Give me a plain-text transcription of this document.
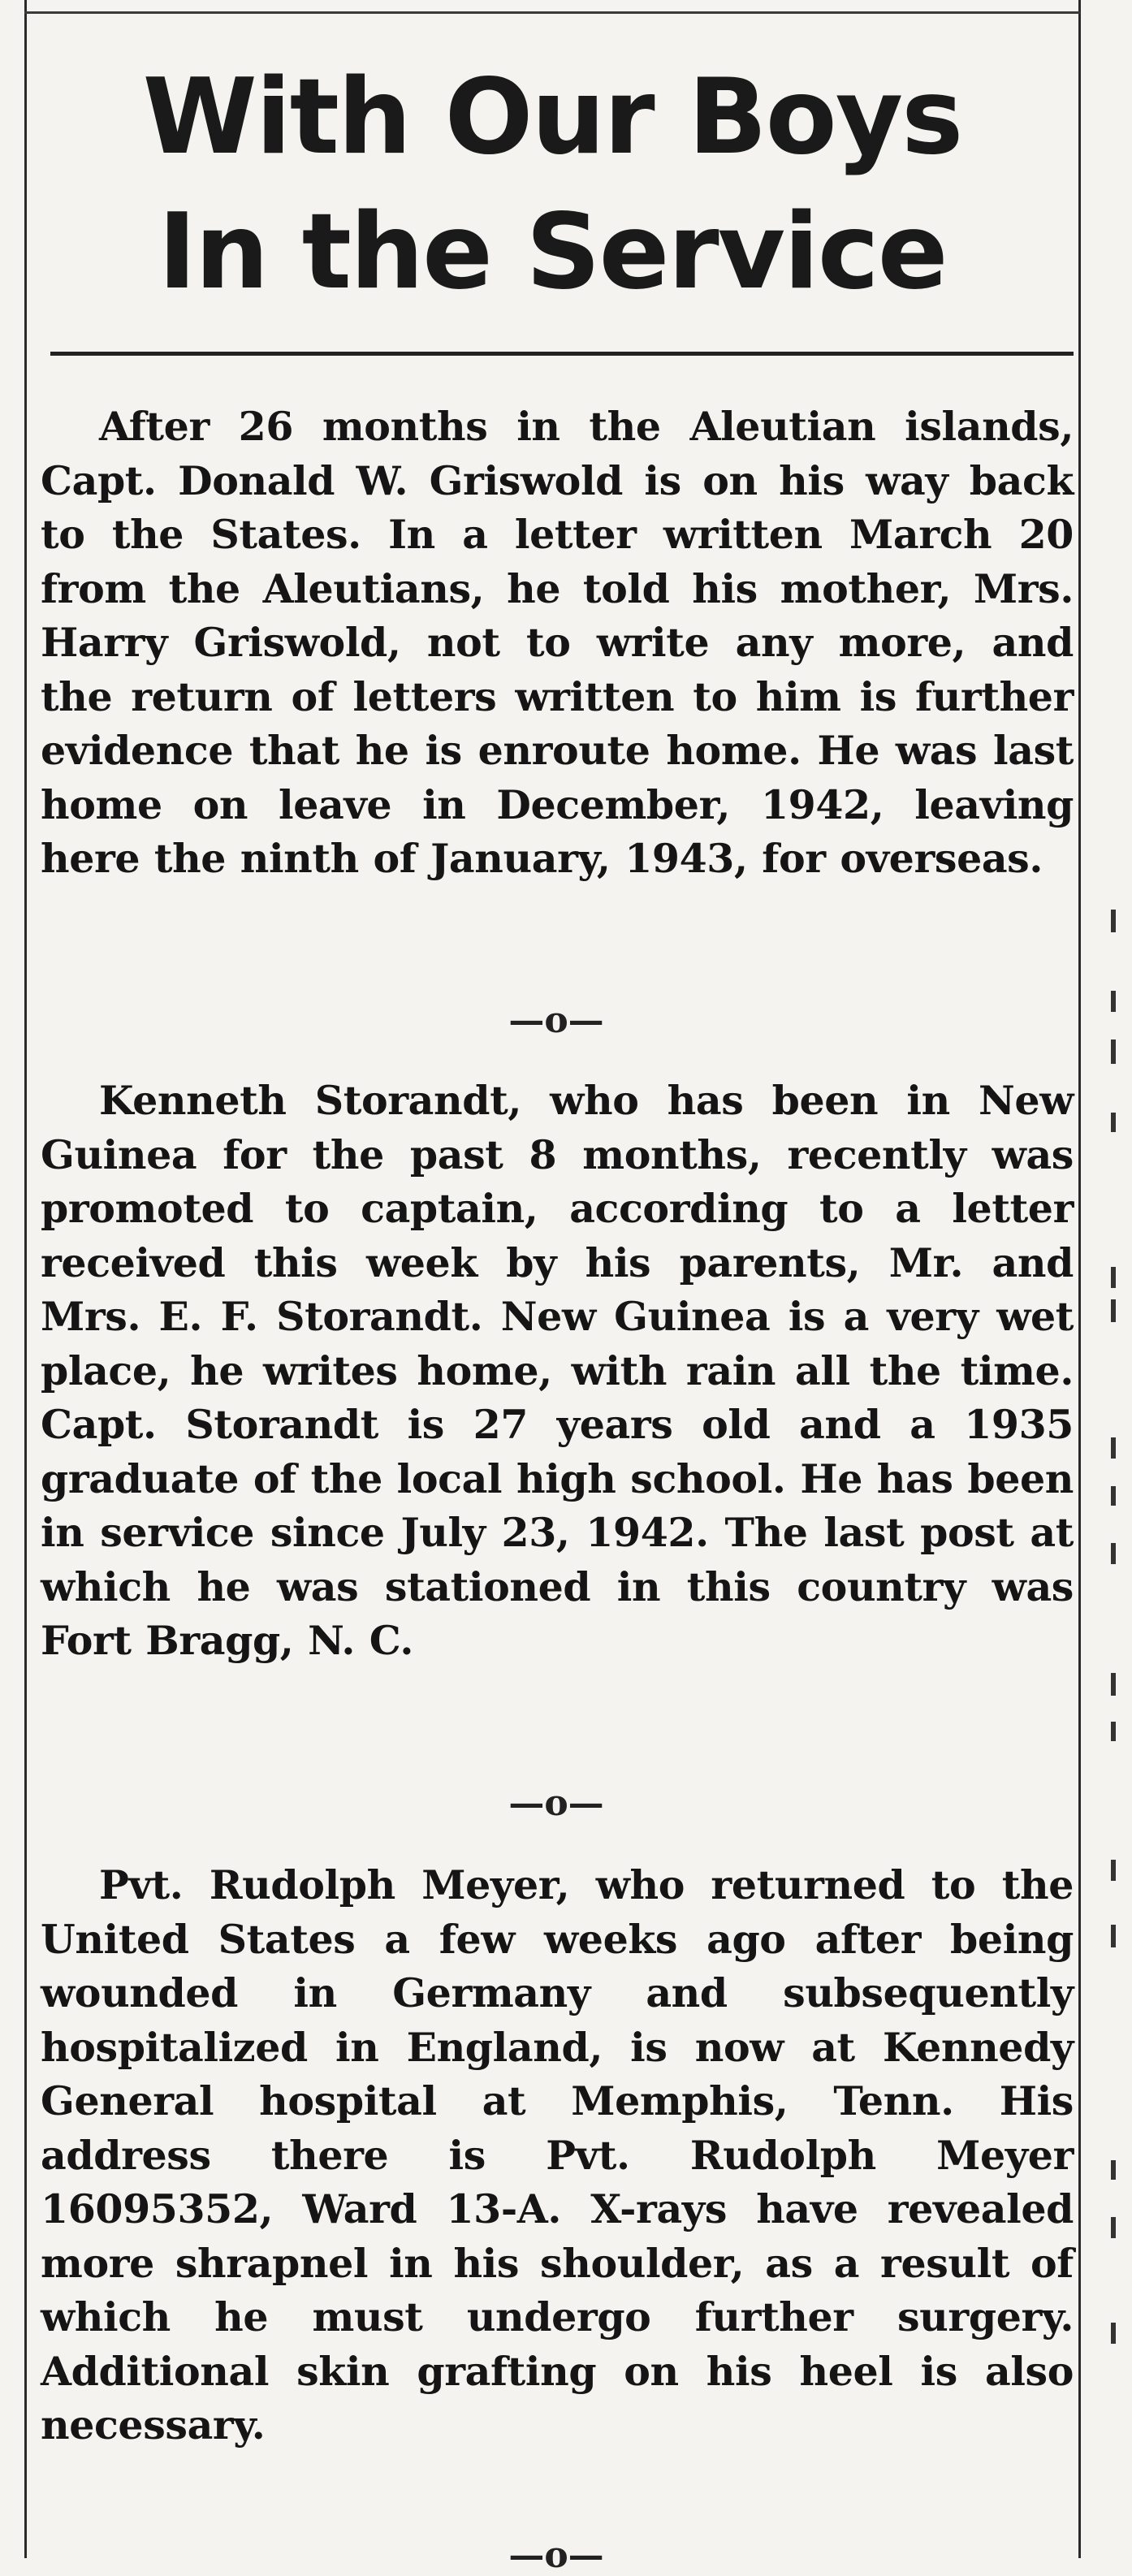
With Our Boys
In the Service

After 26 months in the Aleutian islands, Capt. Donald W. Griswold is on his way back to the States. In a letter written March 20 from the Aleutians, he told his mother, Mrs. Harry Griswold, not to write any more, and the return of letters written to him is further evidence that he is enroute home. He was last home on leave in December, 1942, leaving here the ninth of January, 1943, for overseas.

—o—

Kenneth Storandt, who has been in New Guinea for the past 8 months, recently was promoted to captain, according to a letter received this week by his parents, Mr. and Mrs. E. F. Storandt. New Guinea is a very wet place, he writes home, with rain all the time. Capt. Storandt is 27 years old and a 1935 graduate of the local high school. He has been in service since July 23, 1942. The last post at which he was stationed in this country was Fort Bragg, N. C.

—o—

Pvt. Rudolph Meyer, who returned to the United States a few weeks ago after being wounded in Germany and subsequently hospitalized in England, is now at Kennedy General hospital at Memphis, Tenn. His address there is Pvt. Rudolph Meyer 16095352, Ward 13-A. X-rays have revealed more shrapnel in his shoulder, as a result of which he must undergo further surgery. Additional skin grafting on his heel is also necessary.

—o—
